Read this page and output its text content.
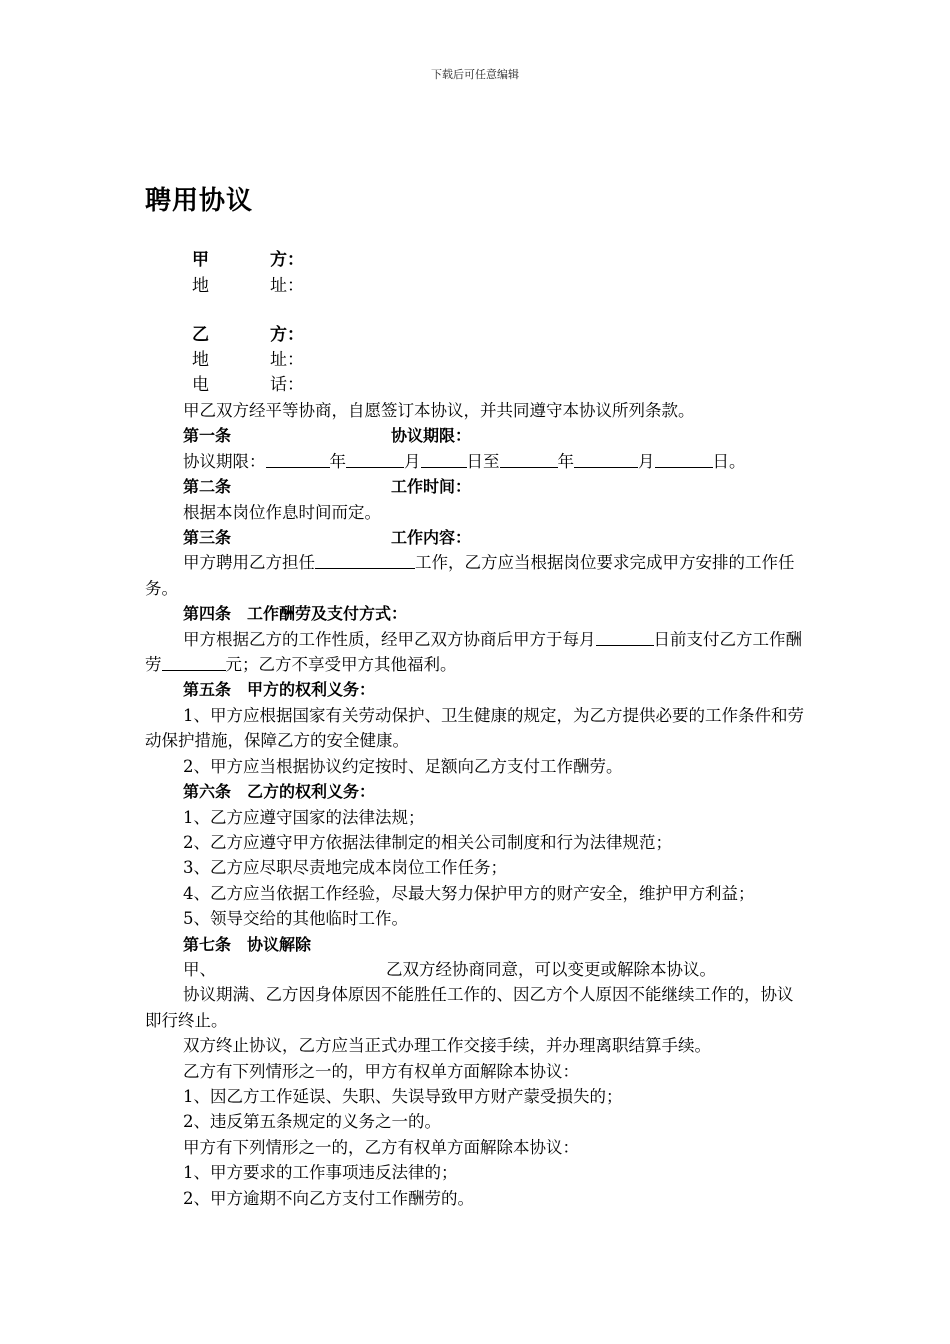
下载后可任意编辑
聘用协议
甲	方：
地	址：
乙	方：
地	址：
电	话：

甲乙双方经平等协商，自愿签订本协议，并共同遵守本协议所列条款。

第一条	协议期限：

协议期限：	年	月	日至	年	月	日。

第二条	工作时间：

根据本岗位作息时间而定。

第三条	工作内容：

甲方聘用乙方担任	工作，乙方应当根据岗位要求完成甲方安排的工作任务。

第四条　工作酬劳及支付方式：

甲方根据乙方的工作性质，经甲乙双方协商后甲方于每月	日前支付乙方工作酬劳	元；乙方不享受甲方其他福利。

第五条　甲方的权利义务：

1、甲方应根据国家有关劳动保护、卫生健康的规定，为乙方提供必要的工作条件和劳动保护措施，保障乙方的安全健康。

2、甲方应当根据协议约定按时、足额向乙方支付工作酬劳。

第六条　乙方的权利义务：

1、乙方应遵守国家的法律法规；

2、乙方应遵守甲方依据法律制定的相关公司制度和行为法律规范；

3、乙方应尽职尽责地完成本岗位工作任务；

4、乙方应当依据工作经验，尽最大努力保护甲方的财产安全，维护甲方利益；

5、领导交给的其他临时工作。

第七条　协议解除

甲、	乙双方经协商同意，可以变更或解除本协议。

协议期满、乙方因身体原因不能胜任工作的、因乙方个人原因不能继续工作的，协议即行终止。

双方终止协议，乙方应当正式办理工作交接手续，并办理离职结算手续。

乙方有下列情形之一的，甲方有权单方面解除本协议：

1、因乙方工作延误、失职、失误导致甲方财产蒙受损失的；

2、违反第五条规定的义务之一的。

甲方有下列情形之一的，乙方有权单方面解除本协议：

1、甲方要求的工作事项违反法律的；

2、甲方逾期不向乙方支付工作酬劳的。
